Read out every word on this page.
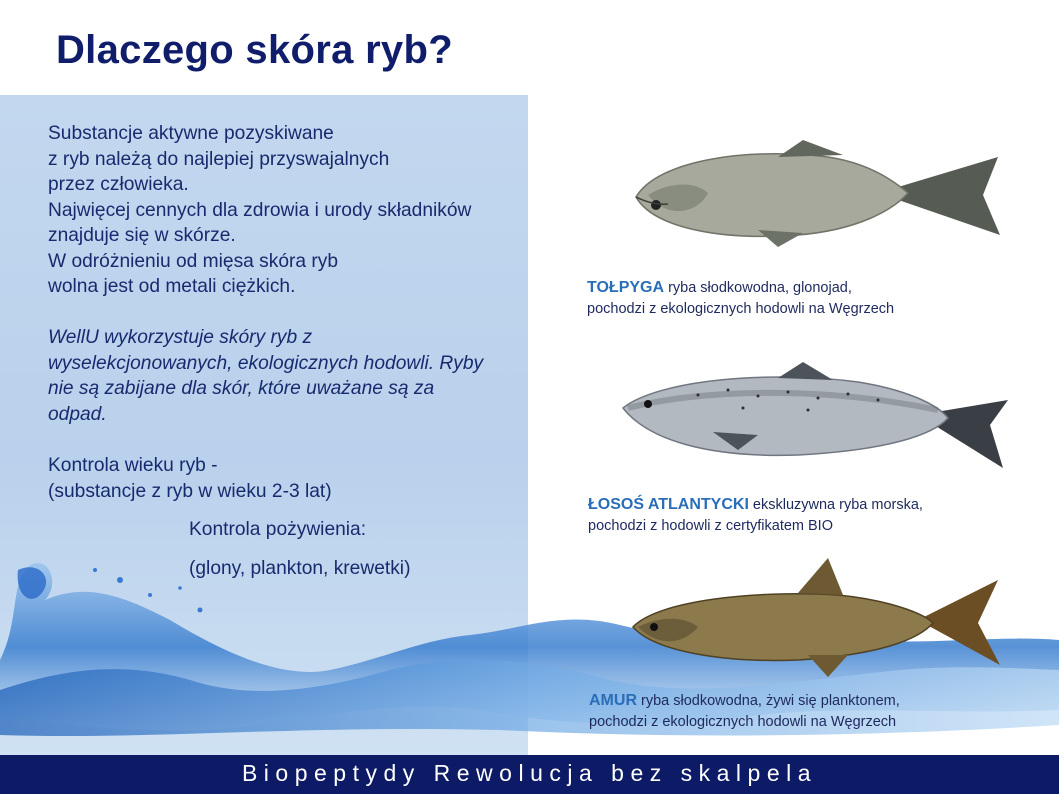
Dlaczego skóra ryb?
Substancje aktywne pozyskiwane
z ryb należą do najlepiej przyswajalnych
przez człowieka.
Najwięcej cennych dla zdrowia i urody składników
znajduje się w skórze.
W odróżnieniu od mięsa skóra ryb
wolna jest od metali ciężkich.
WellU wykorzystuje skóry ryb z
wyselekcjonowanych, ekologicznych hodowli. Ryby
nie są zabijane dla skór, które uważane są za
odpad.
Kontrola wieku ryb -
(substancje z ryb w wieku 2-3 lat)
Kontrola pożywienia:
(glony, plankton, krewetki)
TOŁPYGA ryba słodkowodna, glonojad,
pochodzi z ekologicznych hodowli na Węgrzech
ŁOSOŚ ATLANTYCKI ekskluzywna ryba morska,
pochodzi z hodowli z certyfikatem BIO
AMUR ryba słodkowodna, żywi się planktonem,
pochodzi z ekologicznych hodowli na Węgrzech
Biopeptydy Rewolucja bez skalpela
